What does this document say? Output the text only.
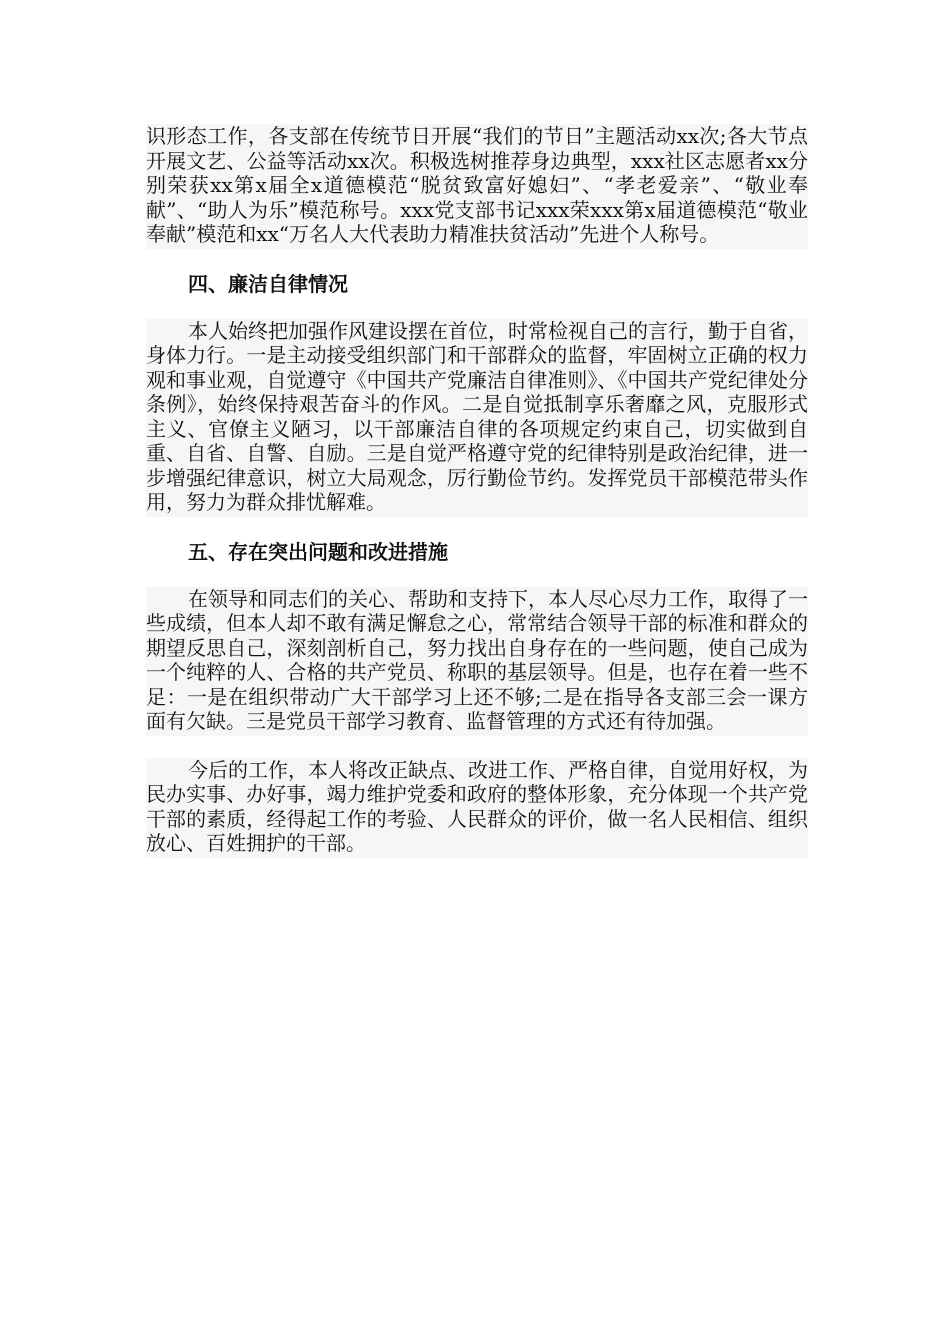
识形态工作，各支部在传统节日开展“我们的节日”主题活动xx次;各大节点开展文艺、公益等活动xx次。积极选树推荐身边典型，xxx社区志愿者xx分别荣获xx第x届全x道德模范“脱贫致富好媳妇”、“孝老爱亲”、“敬业奉献”、“助人为乐”模范称号。xxx党支部书记xxx荣xxx第x届道德模范“敬业奉献”模范和xx“万名人大代表助力精准扶贫活动”先进个人称号。

四、廉洁自律情况

本人始终把加强作风建设摆在首位，时常检视自己的言行，勤于自省，身体力行。一是主动接受组织部门和干部群众的监督，牢固树立正确的权力观和事业观，自觉遵守《中国共产党廉洁自律准则》、《中国共产党纪律处分条例》，始终保持艰苦奋斗的作风。二是自觉抵制享乐奢靡之风，克服形式主义、官僚主义陋习，以干部廉洁自律的各项规定约束自己，切实做到自重、自省、自警、自励。三是自觉严格遵守党的纪律特别是政治纪律，进一步增强纪律意识，树立大局观念，厉行勤俭节约。发挥党员干部模范带头作用，努力为群众排忧解难。

五、存在突出问题和改进措施

在领导和同志们的关心、帮助和支持下，本人尽心尽力工作，取得了一些成绩，但本人却不敢有满足懈怠之心，常常结合领导干部的标准和群众的期望反思自己，深刻剖析自己，努力找出自身存在的一些问题，使自己成为一个纯粹的人、合格的共产党员、称职的基层领导。但是，也存在着一些不足：一是在组织带动广大干部学习上还不够;二是在指导各支部三会一课方面有欠缺。三是党员干部学习教育、监督管理的方式还有待加强。

今后的工作，本人将改正缺点、改进工作、严格自律，自觉用好权，为民办实事、办好事，竭力维护党委和政府的整体形象，充分体现一个共产党干部的素质，经得起工作的考验、人民群众的评价，做一名人民相信、组织放心、百姓拥护的干部。
